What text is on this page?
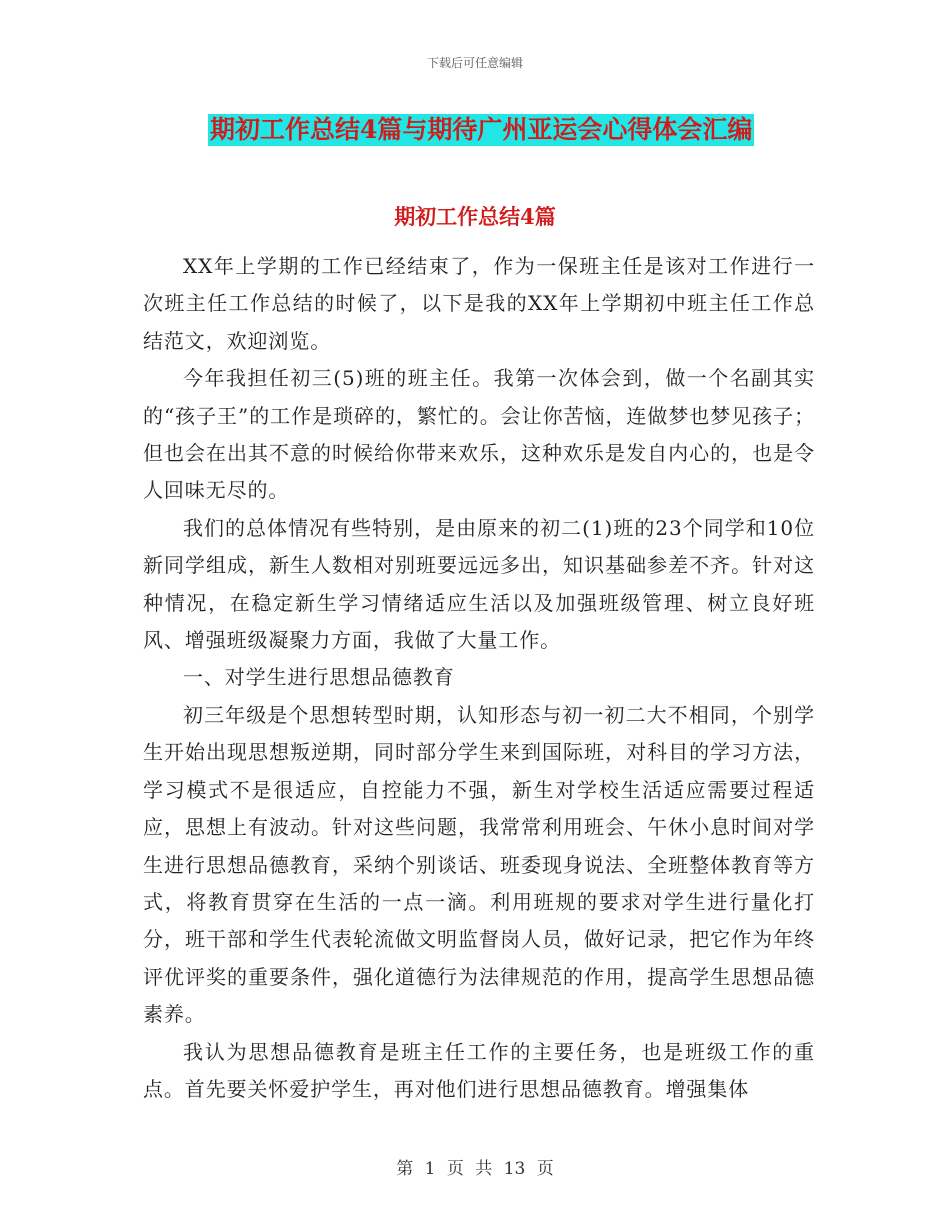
下载后可任意编辑
期初工作总结4篇与期待广州亚运会心得体会汇编
期初工作总结4篇

XX年上学期的工作已经结束了，作为一保班主任是该对工作进行一次班主任工作总结的时候了，以下是我的XX年上学期初中班主任工作总结范文，欢迎浏览。

今年我担任初三(5)班的班主任。我第一次体会到，做一个名副其实的“孩子王”的工作是琐碎的，繁忙的。会让你苦恼，连做梦也梦见孩子；但也会在出其不意的时候给你带来欢乐，这种欢乐是发自内心的，也是令人回味无尽的。

我们的总体情况有些特别，是由原来的初二(1)班的23个同学和10位新同学组成，新生人数相对别班要远远多出，知识基础参差不齐。针对这种情况，在稳定新生学习情绪适应生活以及加强班级管理、树立良好班风、增强班级凝聚力方面，我做了大量工作。

一、对学生进行思想品德教育

初三年级是个思想转型时期，认知形态与初一初二大不相同，个别学生开始出现思想叛逆期，同时部分学生来到国际班，对科目的学习方法，学习模式不是很适应，自控能力不强，新生对学校生活适应需要过程适应，思想上有波动。针对这些问题，我常常利用班会、午休小息时间对学生进行思想品德教育，采纳个别谈话、班委现身说法、全班整体教育等方式，将教育贯穿在生活的一点一滴。利用班规的要求对学生进行量化打分，班干部和学生代表轮流做文明监督岗人员，做好记录，把它作为年终评优评奖的重要条件，强化道德行为法律规范的作用，提高学生思想品德素养。

我认为思想品德教育是班主任工作的主要任务，也是班级工作的重点。首先要关怀爱护学生，再对他们进行思想品德教育。增强集体

第 1 页 共 13 页
